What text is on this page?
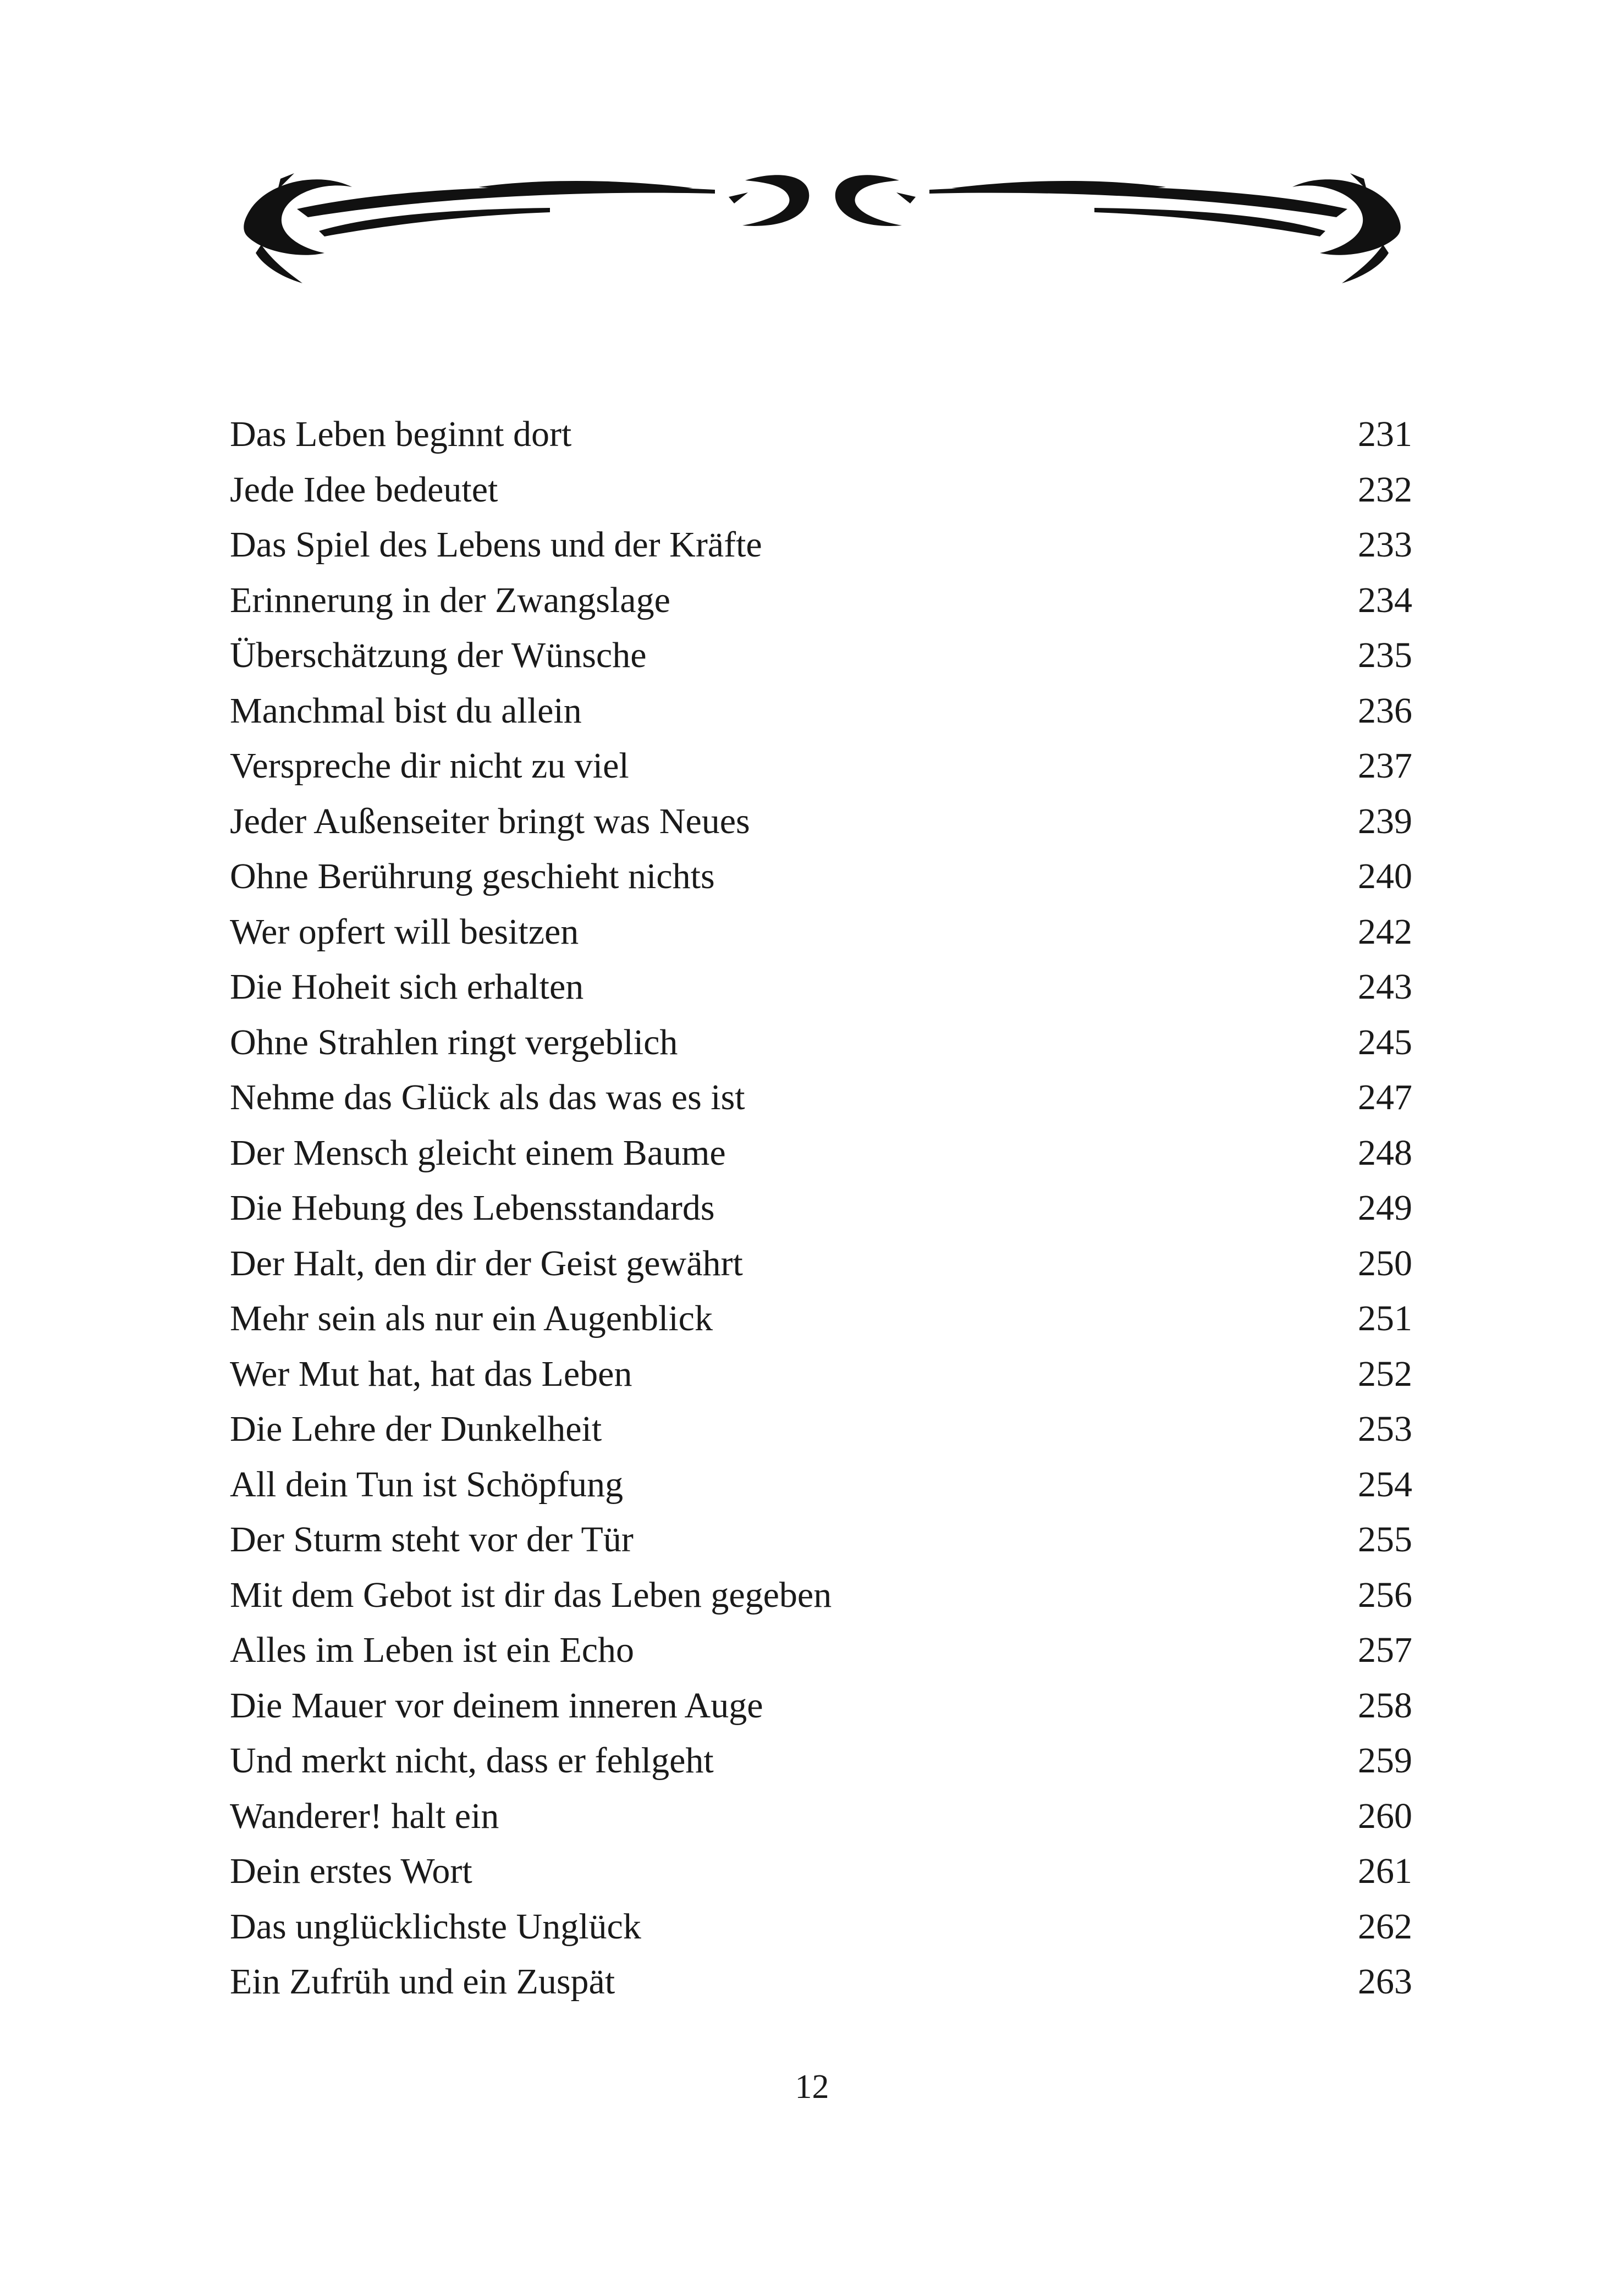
Das Leben beginnt dort	231
Jede Idee bedeutet	232
Das Spiel des Lebens und der Kräfte	233
Erinnerung in der Zwangslage	234
Überschätzung der Wünsche	235
Manchmal bist du allein	236
Verspreche dir nicht zu viel	237
Jeder Außenseiter bringt was Neues	239
Ohne Berührung geschieht nichts	240
Wer opfert will besitzen	242
Die Hoheit sich erhalten	243
Ohne Strahlen ringt vergeblich	245
Nehme das Glück als das was es ist	247
Der Mensch gleicht einem Baume	248
Die Hebung des Lebensstandards	249
Der Halt, den dir der Geist gewährt	250
Mehr sein als nur ein Augenblick	251
Wer Mut hat, hat das Leben	252
Die Lehre der Dunkelheit	253
All dein Tun ist Schöpfung	254
Der Sturm steht vor der Tür	255
Mit dem Gebot ist dir das Leben gegeben	256
Alles im Leben ist ein Echo	257
Die Mauer vor deinem inneren Auge	258
Und merkt nicht, dass er fehlgeht	259
Wanderer! halt ein	260
Dein erstes Wort	261
Das unglücklichste Unglück	262
Ein Zufrüh und ein Zuspät	263
12
